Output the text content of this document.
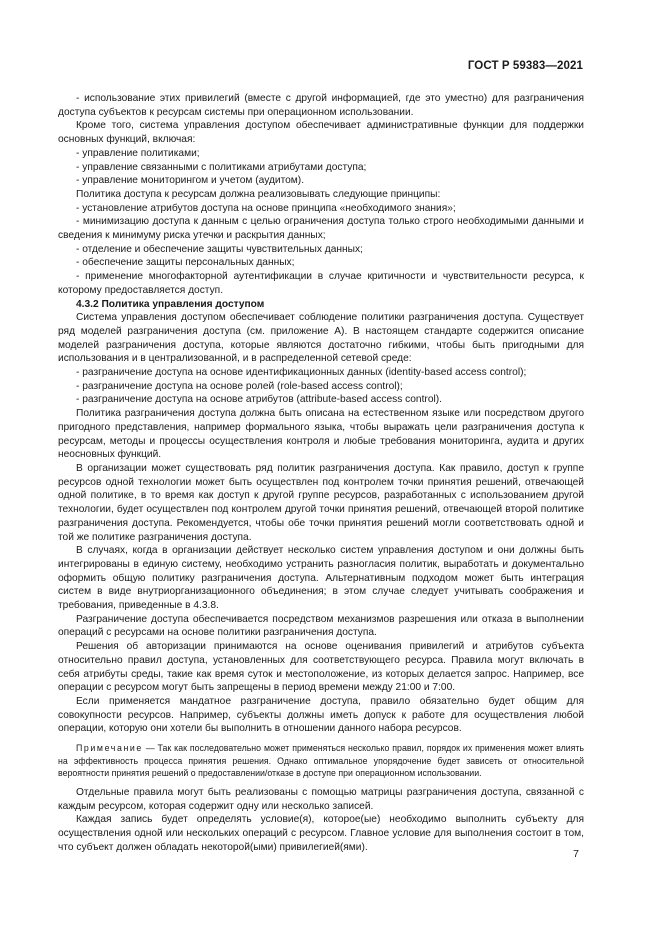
ГОСТ Р 59383—2021

- использование этих привилегий (вместе с другой информацией, где это уместно) для разграничения доступа субъектов к ресурсам системы при операционном использовании.

Кроме того, система управления доступом обеспечивает административные функции для поддержки основных функций, включая:

- управление политиками;

- управление связанными с политиками атрибутами доступа;

- управление мониторингом и учетом (аудитом).

Политика доступа к ресурсам должна реализовывать следующие принципы:

- установление атрибутов доступа на основе принципа «необходимого знания»;

- минимизацию доступа к данным с целью ограничения доступа только строго необходимыми данными и сведения к минимуму риска утечки и раскрытия данных;

- отделение и обеспечение защиты чувствительных данных;

- обеспечение защиты персональных данных;

- применение многофакторной аутентификации в случае критичности и чувствительности ресурса, к которому предоставляется доступ.

4.3.2 Политика управления доступом

Система управления доступом обеспечивает соблюдение политики разграничения доступа. Существует ряд моделей разграничения доступа (см. приложение А). В настоящем стандарте содержится описание моделей разграничения доступа, которые являются достаточно гибкими, чтобы быть пригодными для использования и в централизованной, и в распределенной сетевой среде:

- разграничение доступа на основе идентификационных данных (identity-based access control);

- разграничение доступа на основе ролей (role-based access control);

- разграничение доступа на основе атрибутов (attribute-based access control).

Политика разграничения доступа должна быть описана на естественном языке или посредством другого пригодного представления, например формального языка, чтобы выражать цели разграничения доступа к ресурсам, методы и процессы осуществления контроля и любые требования мониторинга, аудита и других неосновных функций.

В организации может существовать ряд политик разграничения доступа. Как правило, доступ к группе ресурсов одной технологии может быть осуществлен под контролем точки принятия решений, отвечающей одной политике, в то время как доступ к другой группе ресурсов, разработанных с использованием другой технологии, будет осуществлен под контролем другой точки принятия решений, отвечающей второй политике разграничения доступа. Рекомендуется, чтобы обе точки принятия решений могли соответствовать одной и той же политике разграничения доступа.

В случаях, когда в организации действует несколько систем управления доступом и они должны быть интегрированы в единую систему, необходимо устранить разногласия политик, выработать и документально оформить общую политику разграничения доступа. Альтернативным подходом может быть интеграция систем в виде внутриорганизационного объединения; в этом случае следует учитывать соображения и требования, приведенные в 4.3.8.

Разграничение доступа обеспечивается посредством механизмов разрешения или отказа в выполнении операций с ресурсами на основе политики разграничения доступа.

Решения об авторизации принимаются на основе оценивания привилегий и атрибутов субъекта относительно правил доступа, установленных для соответствующего ресурса. Правила могут включать в себя атрибуты среды, такие как время суток и местоположение, из которых делается запрос. Например, все операции с ресурсом могут быть запрещены в период времени между 21:00 и 7:00.

Если применяется мандатное разграничение доступа, правило обязательно будет общим для совокупности ресурсов. Например, субъекты должны иметь допуск к работе для осуществления любой операции, которую они хотели бы выполнить в отношении данного набора ресурсов.

Примечание — Так как последовательно может применяться несколько правил, порядок их применения может влиять на эффективность процесса принятия решения. Однако оптимальное упорядочение будет зависеть от относительной вероятности принятия решений о предоставлении/отказе в доступе при операционном использовании.

Отдельные правила могут быть реализованы с помощью матрицы разграничения доступа, связанной с каждым ресурсом, которая содержит одну или несколько записей.

Каждая запись будет определять условие(я), которое(ые) необходимо выполнить субъекту для осуществления одной или нескольких операций с ресурсом. Главное условие для выполнения состоит в том, что субъект должен обладать некоторой(ыми) привилегией(ями).

7
